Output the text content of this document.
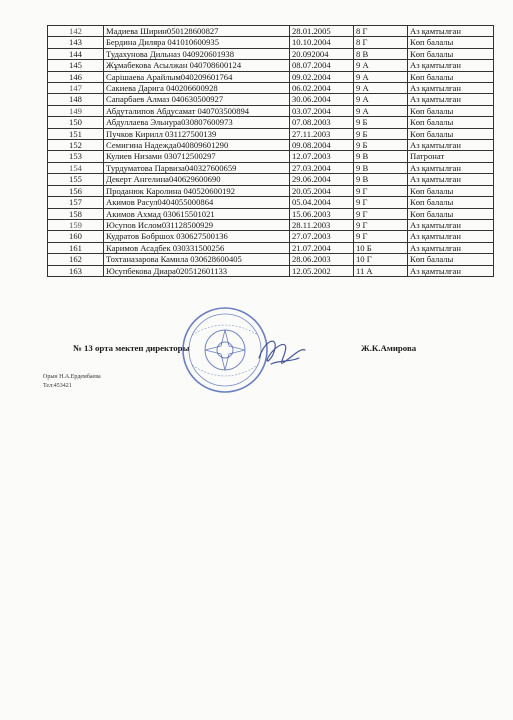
142	Мадиева Ширин050128600827	28.01.2005	8 Г	Аз қамтылған
143	Бердина Диляра 041010600935	10.10.2004	8 Г	Көп балалы
144	Тудахунова Дильназ 040920601938	20.092004	8 В	Көп балалы
145	Жұмабекова Асылжан 040708600124	08.07.2004	9 А	Аз қамтылған
146	Сарішаева Арайлым040209601764	09.02.2004	9 А	Көп балалы
147	Сакиева Дарига 040206600928	06.02.2004	9 А	Аз қамтылған
148	Сапарбаев Алмаз 040630500927	30.06.2004	9 А	Аз қамтылған
149	Абдуталипов Абдусамат 040703500894	03.07.2004	9 А	Көп балалы
150	Абдуллаева Эльнура030807600973	07.08.2003	9 Б	Көп балалы
151	Пучков Кирилл 031127500139	27.11.2003	9 Б	Көп балалы
152	Семигина Надежда040809601290	09.08.2004	9 Б	Аз қамтылған
153	Кулиев Низами 030712500297	12.07.2003	9 В	Патронат
154	Турдуматова Парвиза040327600659	27.03.2004	9 В	Аз қамтылған
155	Декерт Ангелина040629600690	29.06.2004	9 В	Аз қамтылған
156	Проданюк Каролина 040520600192	20.05.2004	9 Г	Көп балалы
157	Акимов Расул0404055000864	05.04.2004	9 Г	Көп балалы
158	Акимов Ахмад 030615501021	15.06.2003	9 Г	Көп балалы
159	Юсупов Ислом031128500929	28.11.2003	9 Г	Аз қамтылған
160	Кудратов Бобршох 030627500136	27.07.2003	9 Г	Аз қамтылған
161	Каримов Асадбек 030331500256	21.07.2004	10 Б	Аз қамтылған
162	Тохтаназарова Камила 030628600405	28.06.2003	10 Г	Көп балалы
163	Юсупбекова Диара020512601133	12.05.2002	11 А	Аз қамтылған
№ 13 орта мектеп директоры	Ж.К.Амирова
Орын Н.А.Ердембаева
Тел:453421
